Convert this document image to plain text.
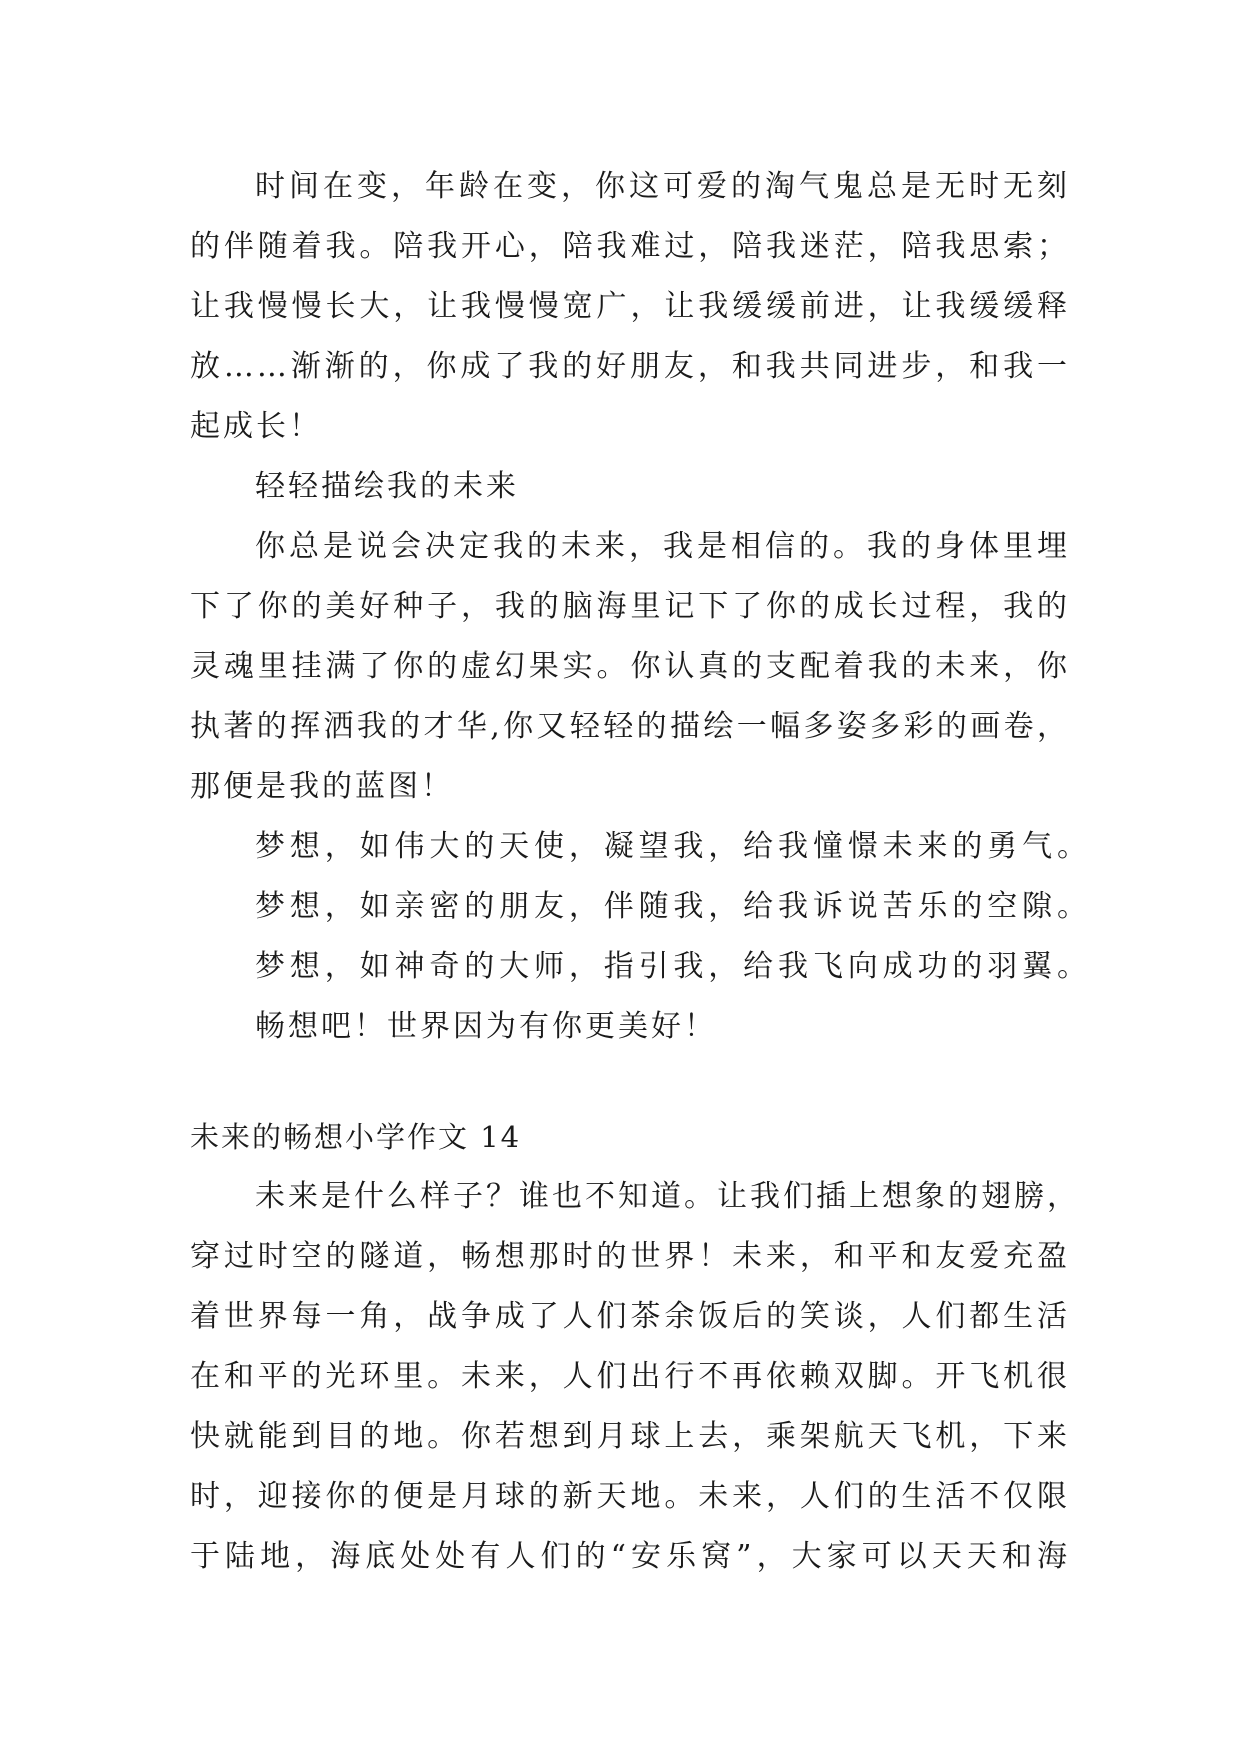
时间在变，年龄在变，你这可爱的淘气鬼总是无时无刻
的伴随着我。陪我开心，陪我难过，陪我迷茫，陪我思索；
让我慢慢长大，让我慢慢宽广，让我缓缓前进，让我缓缓释
放……渐渐的，你成了我的好朋友，和我共同进步，和我一
起成长！
轻轻描绘我的未来
你总是说会决定我的未来，我是相信的。我的身体里埋
下了你的美好种子，我的脑海里记下了你的成长过程，我的
灵魂里挂满了你的虚幻果实。你认真的支配着我的未来，你
执著的挥洒我的才华,你又轻轻的描绘一幅多姿多彩的画卷，
那便是我的蓝图！
梦想，如伟大的天使，凝望我，给我憧憬未来的勇气。
梦想，如亲密的朋友，伴随我，给我诉说苦乐的空隙。
梦想，如神奇的大师，指引我，给我飞向成功的羽翼。
畅想吧！世界因为有你更美好！
未来的畅想小学作文 14
未来是什么样子？谁也不知道。让我们插上想象的翅膀，
穿过时空的隧道，畅想那时的世界！未来，和平和友爱充盈
着世界每一角，战争成了人们茶余饭后的笑谈，人们都生活
在和平的光环里。未来，人们出行不再依赖双脚。开飞机很
快就能到目的地。你若想到月球上去，乘架航天飞机，下来
时，迎接你的便是月球的新天地。未来，人们的生活不仅限
于陆地，海底处处有人们的“安乐窝”，大家可以天天和海
